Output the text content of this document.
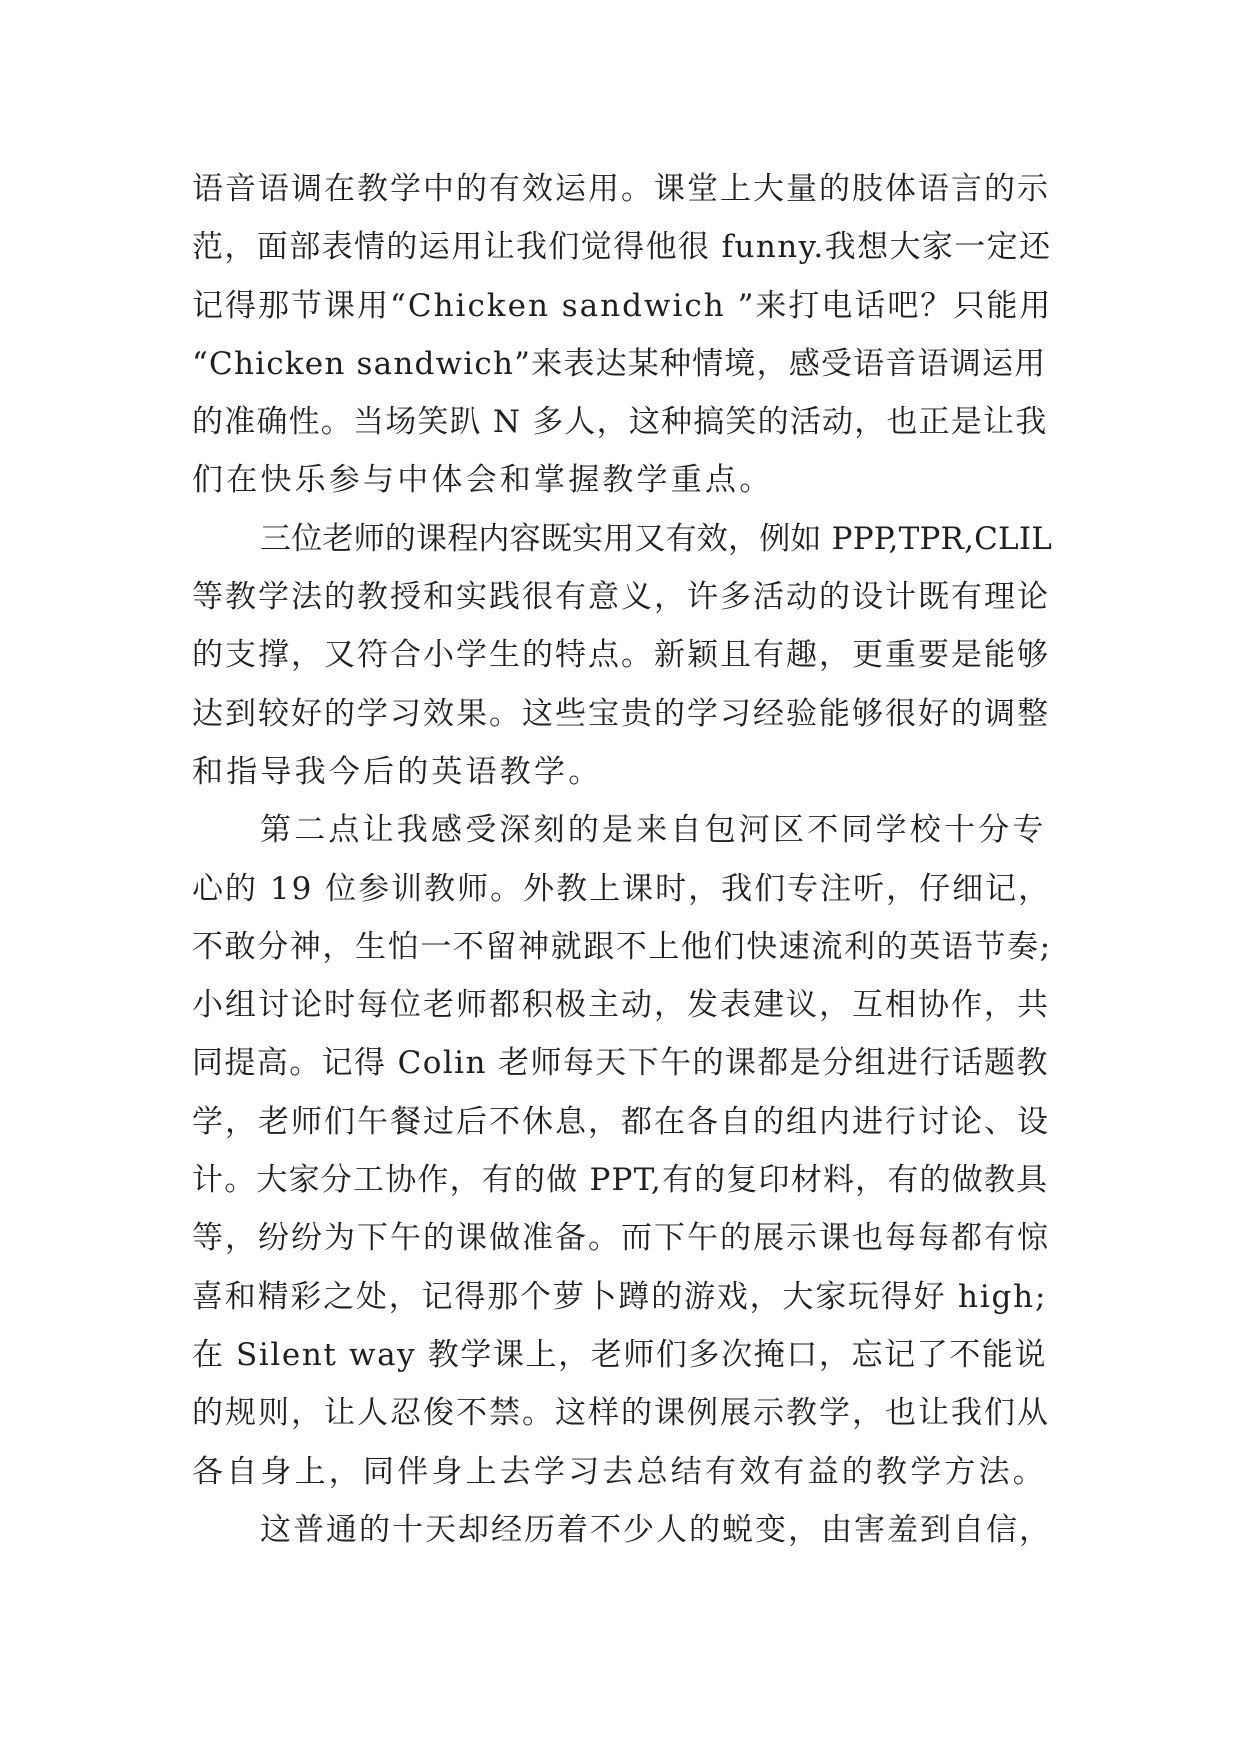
语音语调在教学中的有效运用。课堂上大量的肢体语言的示
范，面部表情的运用让我们觉得他很 funny.我想大家一定还
记得那节课用“Chicken sandwich ”来打电话吧？只能用
“Chicken sandwich”来表达某种情境，感受语音语调运用
的准确性。当场笑趴 N 多人，这种搞笑的活动，也正是让我
们在快乐参与中体会和掌握教学重点。
三位老师的课程内容既实用又有效，例如 PPP,TPR,CLIL
等教学法的教授和实践很有意义，许多活动的设计既有理论
的支撑，又符合小学生的特点。新颖且有趣，更重要是能够
达到较好的学习效果。这些宝贵的学习经验能够很好的调整
和指导我今后的英语教学。
第二点让我感受深刻的是来自包河区不同学校十分专
心的 19 位参训教师。外教上课时，我们专注听，仔细记，
不敢分神，生怕一不留神就跟不上他们快速流利的英语节奏;
小组讨论时每位老师都积极主动，发表建议，互相协作，共
同提高。记得 Colin 老师每天下午的课都是分组进行话题教
学，老师们午餐过后不休息，都在各自的组内进行讨论、设
计。大家分工协作，有的做 PPT,有的复印材料，有的做教具
等，纷纷为下午的课做准备。而下午的展示课也每每都有惊
喜和精彩之处，记得那个萝卜蹲的游戏，大家玩得好 high;
在 Silent way 教学课上，老师们多次掩口，忘记了不能说
的规则，让人忍俊不禁。这样的课例展示教学，也让我们从
各自身上，同伴身上去学习去总结有效有益的教学方法。
这普通的十天却经历着不少人的蜕变，由害羞到自信，
